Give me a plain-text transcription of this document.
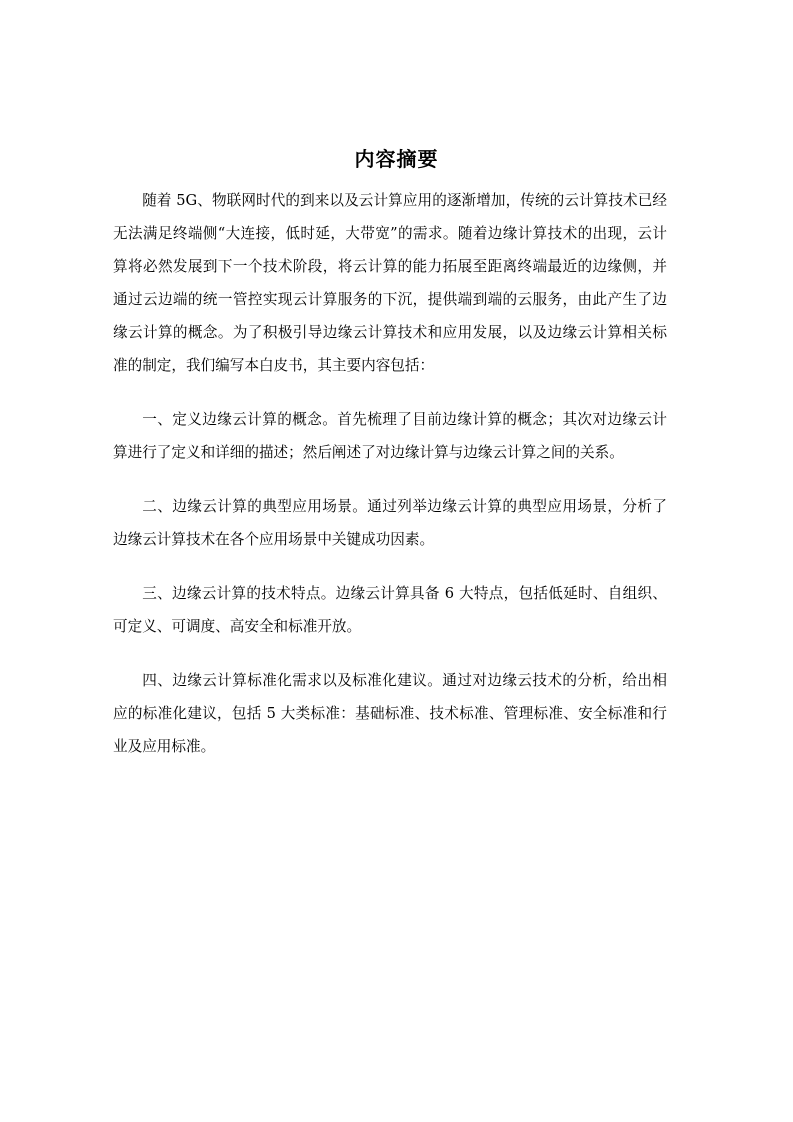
内容摘要

随着 5G、物联网时代的到来以及云计算应用的逐渐增加，传统的云计算技术已经无法满足终端侧“大连接，低时延，大带宽”的需求。随着边缘计算技术的出现，云计算将必然发展到下一个技术阶段，将云计算的能力拓展至距离终端最近的边缘侧，并通过云边端的统一管控实现云计算服务的下沉，提供端到端的云服务，由此产生了边缘云计算的概念。为了积极引导边缘云计算技术和应用发展，以及边缘云计算相关标准的制定，我们编写本白皮书，其主要内容包括：

一、定义边缘云计算的概念。首先梳理了目前边缘计算的概念；其次对边缘云计算进行了定义和详细的描述；然后阐述了对边缘计算与边缘云计算之间的关系。

二、边缘云计算的典型应用场景。通过列举边缘云计算的典型应用场景，分析了边缘云计算技术在各个应用场景中关键成功因素。

三、边缘云计算的技术特点。边缘云计算具备 6 大特点，包括低延时、自组织、可定义、可调度、高安全和标准开放。

四、边缘云计算标准化需求以及标准化建议。通过对边缘云技术的分析，给出相应的标准化建议，包括 5 大类标准：基础标准、技术标准、管理标准、安全标准和行业及应用标准。
